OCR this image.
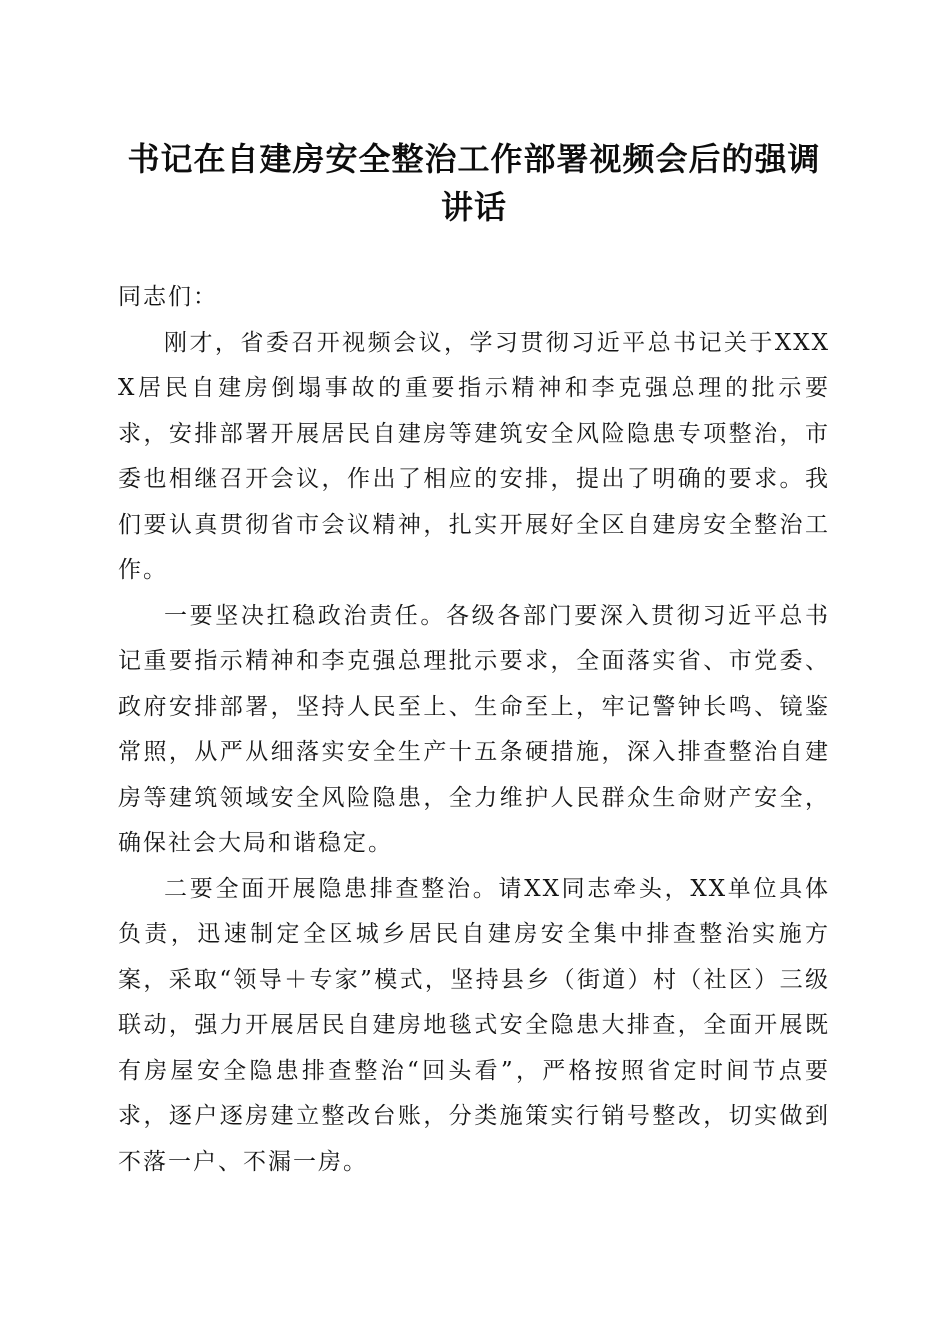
书记在自建房安全整治工作部署视频会后的强调讲话

同志们：

刚才，省委召开视频会议，学习贯彻习近平总书记关于XXXX居民自建房倒塌事故的重要指示精神和李克强总理的批示要求，安排部署开展居民自建房等建筑安全风险隐患专项整治，市委也相继召开会议，作出了相应的安排，提出了明确的要求。我们要认真贯彻省市会议精神，扎实开展好全区自建房安全整治工作。

一要坚决扛稳政治责任。各级各部门要深入贯彻习近平总书记重要指示精神和李克强总理批示要求，全面落实省、市党委、政府安排部署，坚持人民至上、生命至上，牢记警钟长鸣、镜鉴常照，从严从细落实安全生产十五条硬措施，深入排查整治自建房等建筑领域安全风险隐患，全力维护人民群众生命财产安全，确保社会大局和谐稳定。

二要全面开展隐患排查整治。请XX同志牵头，XX单位具体负责，迅速制定全区城乡居民自建房安全集中排查整治实施方案，采取“领导＋专家”模式，坚持县乡（街道）村（社区）三级联动，强力开展居民自建房地毯式安全隐患大排查，全面开展既有房屋安全隐患排查整治“回头看”，严格按照省定时间节点要求，逐户逐房建立整改台账，分类施策实行销号整改，切实做到不落一户、不漏一房。
